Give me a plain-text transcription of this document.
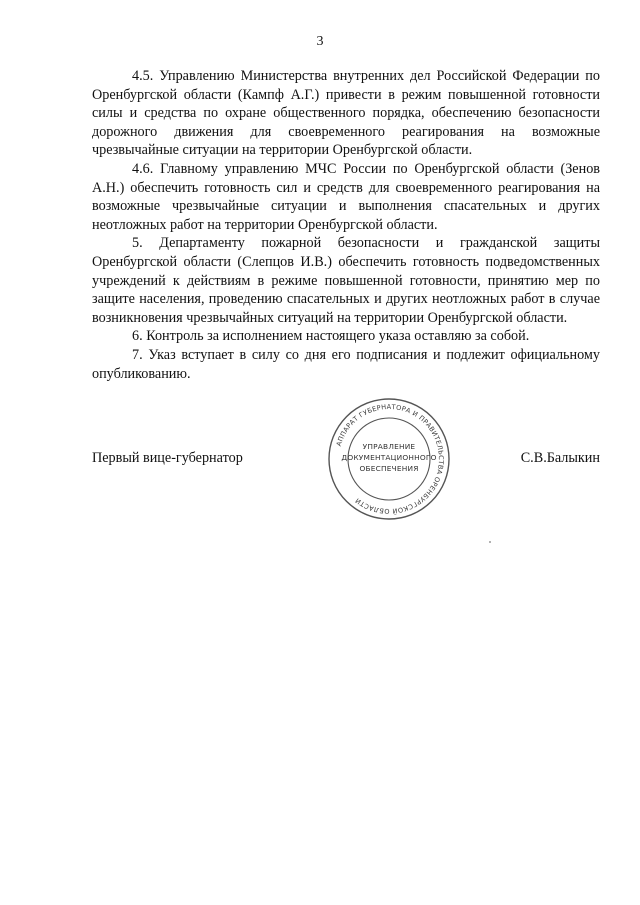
3

4.5. Управлению Министерства внутренних дел Российской Федерации по Оренбургской области (Кампф А.Г.) привести в режим повышенной готовности силы и средства по охране общественного порядка, обеспечению безопасности дорожного движения для своевременного реагирования на возможные чрезвычайные ситуации на территории Оренбургской области.

4.6. Главному управлению МЧС России по Оренбургской области (Зенов А.Н.) обеспечить готовность сил и средств для своевременного реагирования на возможные чрезвычайные ситуации и выполнения спасательных и других неотложных работ на территории Оренбургской области.

5. Департаменту пожарной безопасности и гражданской защиты Оренбургской области (Слепцов И.В.) обеспечить готовность подведомственных учреждений к действиям в режиме повышенной готовности, принятию мер по защите населения, проведению спасательных и других неотложных работ в случае возникновения чрезвычайных ситуаций на территории Оренбургской области.

6. Контроль за исполнением настоящего указа оставляю за собой.

7. Указ вступает в силу со дня его подписания и подлежит официальному опубликованию.

Первый вице-губернатор	С.В.Балыкин
АППАРАТ ГУБЕРНАТОРА И ПРАВИТЕЛЬСТВА ОРЕНБУРГСКОЙ ОБЛАСТИ
УПРАВЛЕНИЕ
ДОКУМЕНТАЦИОННОГО
ОБЕСПЕЧЕНИЯ
